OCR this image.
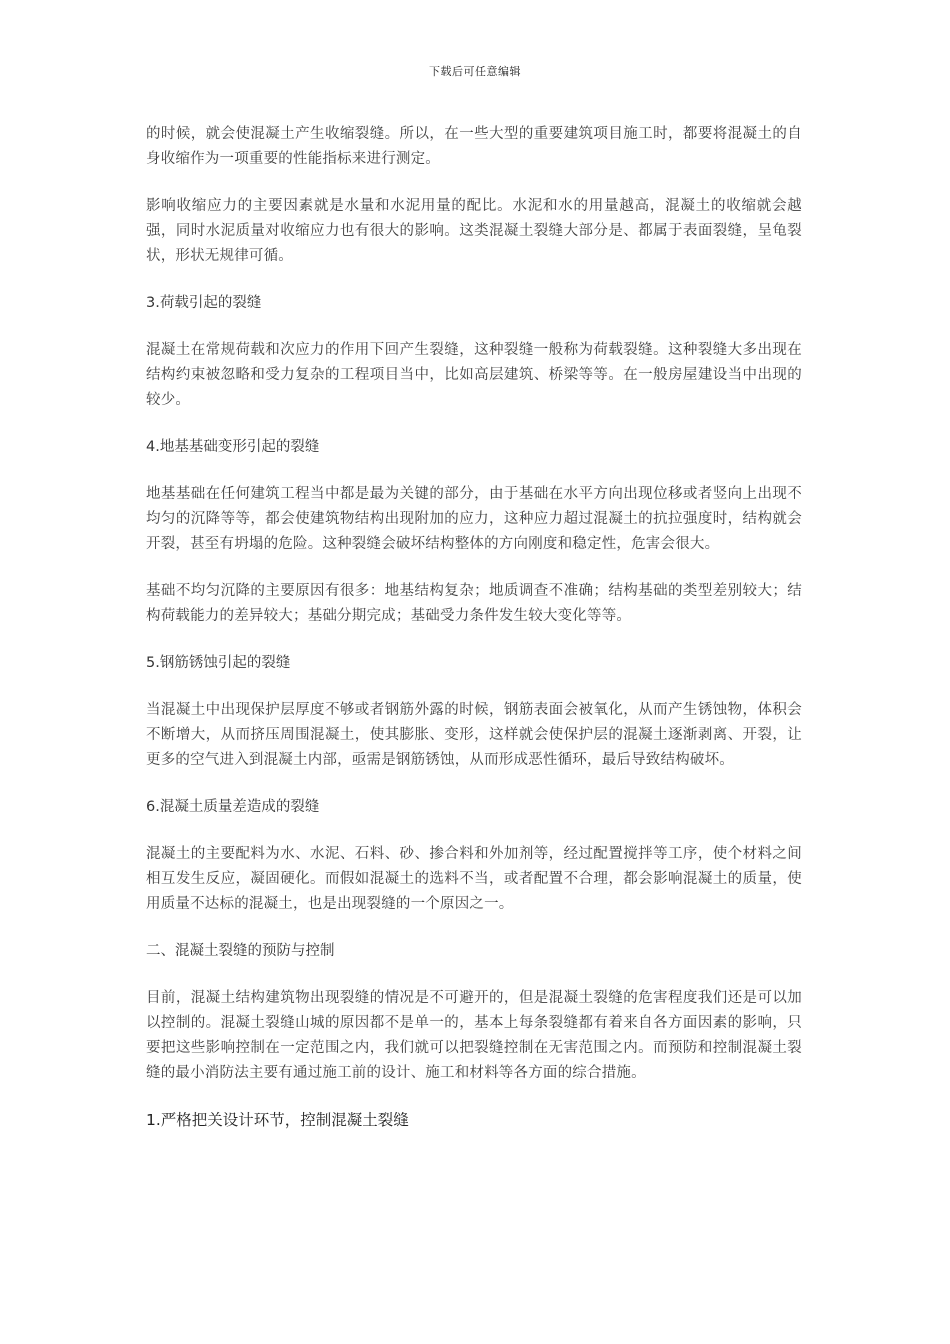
下载后可任意编辑

的时候，就会使混凝土产生收缩裂缝。所以，在一些大型的重要建筑项目施工时，都要将混凝土的自身收缩作为一项重要的性能指标来进行测定。

影响收缩应力的主要因素就是水量和水泥用量的配比。水泥和水的用量越高，混凝土的收缩就会越强，同时水泥质量对收缩应力也有很大的影响。这类混凝土裂缝大部分是、都属于表面裂缝，呈龟裂状，形状无规律可循。

3.荷载引起的裂缝

混凝土在常规荷载和次应力的作用下回产生裂缝，这种裂缝一般称为荷载裂缝。这种裂缝大多出现在结构约束被忽略和受力复杂的工程项目当中，比如高层建筑、桥梁等等。在一般房屋建设当中出现的较少。

4.地基基础变形引起的裂缝

地基基础在任何建筑工程当中都是最为关键的部分，由于基础在水平方向出现位移或者竖向上出现不均匀的沉降等等，都会使建筑物结构出现附加的应力，这种应力超过混凝土的抗拉强度时，结构就会开裂，甚至有坍塌的危险。这种裂缝会破坏结构整体的方向刚度和稳定性，危害会很大。

基础不均匀沉降的主要原因有很多：地基结构复杂；地质调查不准确；结构基础的类型差别较大；结构荷载能力的差异较大；基础分期完成；基础受力条件发生较大变化等等。

5.钢筋锈蚀引起的裂缝

当混凝土中出现保护层厚度不够或者钢筋外露的时候，钢筋表面会被氧化，从而产生锈蚀物，体积会不断增大，从而挤压周围混凝土，使其膨胀、变形，这样就会使保护层的混凝土逐渐剥离、开裂，让更多的空气进入到混凝土内部，亟需是钢筋锈蚀，从而形成恶性循环，最后导致结构破坏。

6.混凝土质量差造成的裂缝

混凝土的主要配料为水、水泥、石料、砂、掺合料和外加剂等，经过配置搅拌等工序，使个材料之间相互发生反应，凝固硬化。而假如混凝土的选料不当，或者配置不合理，都会影响混凝土的质量，使用质量不达标的混凝土，也是出现裂缝的一个原因之一。

二、混凝土裂缝的预防与控制

目前，混凝土结构建筑物出现裂缝的情况是不可避开的，但是混凝土裂缝的危害程度我们还是可以加以控制的。混凝土裂缝山城的原因都不是单一的，基本上每条裂缝都有着来自各方面因素的影响，只要把这些影响控制在一定范围之内，我们就可以把裂缝控制在无害范围之内。而预防和控制混凝土裂缝的最小消防法主要有通过施工前的设计、施工和材料等各方面的综合措施。

1.严格把关设计环节，控制混凝土裂缝
